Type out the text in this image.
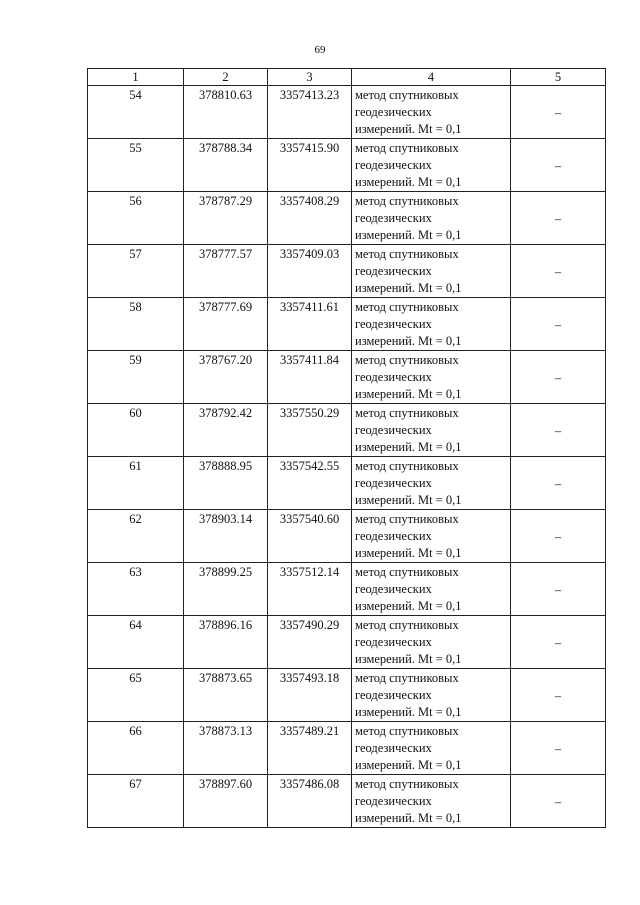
69
1	2	3	4	5
54	378810.63	3357413.23	метод спутниковых
геодезических
измерений. Mt = 0,1	–
55	378788.34	3357415.90	метод спутниковых
геодезических
измерений. Mt = 0,1	–
56	378787.29	3357408.29	метод спутниковых
геодезических
измерений. Mt = 0,1	–
57	378777.57	3357409.03	метод спутниковых
геодезических
измерений. Mt = 0,1	–
58	378777.69	3357411.61	метод спутниковых
геодезических
измерений. Mt = 0,1	–
59	378767.20	3357411.84	метод спутниковых
геодезических
измерений. Mt = 0,1	–
60	378792.42	3357550.29	метод спутниковых
геодезических
измерений. Mt = 0,1	–
61	378888.95	3357542.55	метод спутниковых
геодезических
измерений. Mt = 0,1	–
62	378903.14	3357540.60	метод спутниковых
геодезических
измерений. Mt = 0,1	–
63	378899.25	3357512.14	метод спутниковых
геодезических
измерений. Mt = 0,1	–
64	378896.16	3357490.29	метод спутниковых
геодезических
измерений. Mt = 0,1	–
65	378873.65	3357493.18	метод спутниковых
геодезических
измерений. Mt = 0,1	–
66	378873.13	3357489.21	метод спутниковых
геодезических
измерений. Mt = 0,1	–
67	378897.60	3357486.08	метод спутниковых
геодезических
измерений. Mt = 0,1	–
